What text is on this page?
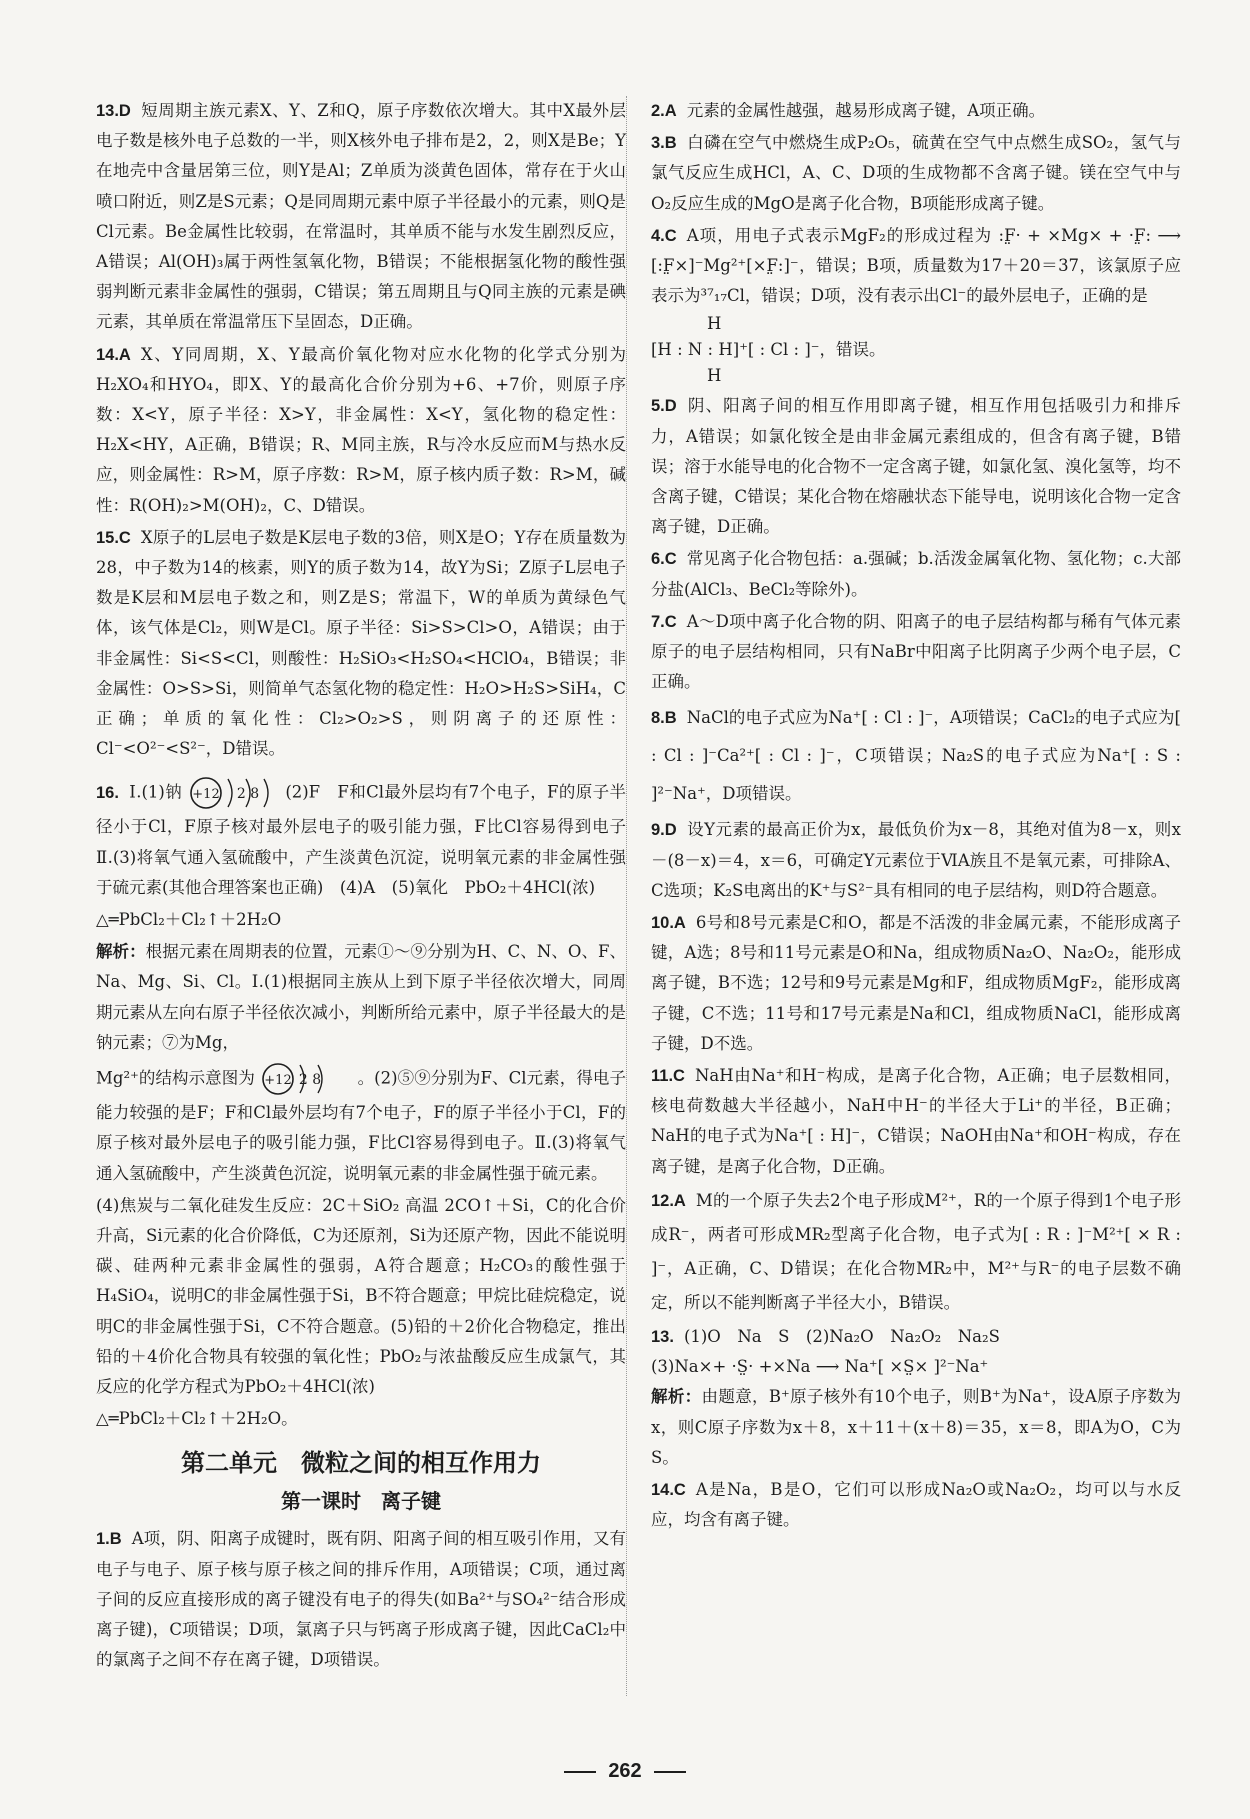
13.D 短周期主族元素X、Y、Z和Q，原子序数依次增大。其中X最外层电子数是核外电子总数的一半，则X核外电子排布是2，2，则X是Be；Y在地壳中含量居第三位，则Y是Al；Z单质为淡黄色固体，常存在于火山喷口附近，则Z是S元素；Q是同周期元素中原子半径最小的元素，则Q是Cl元素。Be金属性比较弱，在常温时，其单质不能与水发生剧烈反应，A错误；Al(OH)₃属于两性氢氧化物，B错误；不能根据氢化物的酸性强弱判断元素非金属性的强弱，C错误；第五周期且与Q同主族的元素是碘元素，其单质在常温常压下呈固态，D正确。
14.A X、Y同周期，X、Y最高价氧化物对应水化物的化学式分别为H₂XO₄和HYO₄，即X、Y的最高化合价分别为+6、+7价，则原子序数：X<Y，原子半径：X>Y，非金属性：X<Y，氢化物的稳定性：H₂X<HY，A正确，B错误；R、M同主族，R与冷水反应而M与热水反应，则金属性：R>M，原子序数：R>M，原子核内质子数：R>M，碱性：R(OH)₂>M(OH)₂，C、D错误。
15.C X原子的L层电子数是K层电子数的3倍，则X是O；Y存在质量数为28，中子数为14的核素，则Y的质子数为14，故Y为Si；Z原子L层电子数是K层和M层电子数之和，则Z是S；常温下，W的单质为黄绿色气体，该气体是Cl₂，则W是Cl。原子半径：Si>S>Cl>O，A错误；由于非金属性：Si<S<Cl，则酸性：H₂SiO₃<H₂SO₄<HClO₄，B错误；非金属性：O>S>Si，则简单气态氢化物的稳定性：H₂O>H₂S>SiH₄，C正确；单质的氧化性：Cl₂>O₂>S，则阴离子的还原性：Cl⁻<O²⁻<S²⁻，D错误。
16. Ⅰ.(1)钠 +12 2 8 (2)F　F和Cl最外层均有7个电子，F的原子半径小于Cl，F原子核对最外层电子的吸引能力强，F比Cl容易得到电子　Ⅱ.(3)将氧气通入氢硫酸中，产生淡黄色沉淀，说明氧元素的非金属性强于硫元素(其他合理答案也正确)　(4)A　(5)氧化　PbO₂＋4HCl(浓)
△═PbCl₂＋Cl₂↑＋2H₂O
解析：根据元素在周期表的位置，元素①～⑨分别为H、C、N、O、F、Na、Mg、Si、Cl。Ⅰ.(1)根据同主族从上到下原子半径依次增大，同周期元素从左向右原子半径依次减小，判断所给元素中，原子半径最大的是钠元素；⑦为Mg，
Mg²⁺的结构示意图为 +12 2 8 。(2)⑤⑨分别为F、Cl元素，得电子能力较强的是F；F和Cl最外层均有7个电子，F的原子半径小于Cl，F的原子核对最外层电子的吸引能力强，F比Cl容易得到电子。Ⅱ.(3)将氧气通入氢硫酸中，产生淡黄色沉淀，说明氧元素的非金属性强于硫元素。
(4)焦炭与二氧化硅发生反应：2C＋SiO₂ 高温 2CO↑＋Si，C的化合价升高，Si元素的化合价降低，C为还原剂，Si为还原产物，因此不能说明碳、硅两种元素非金属性的强弱，A符合题意；H₂CO₃的酸性强于H₄SiO₄，说明C的非金属性强于Si，B不符合题意；甲烷比硅烷稳定，说明C的非金属性强于Si，C不符合题意。(5)铅的＋2价化合物稳定，推出铅的＋4价化合物具有较强的氧化性；PbO₂与浓盐酸反应生成氯气，其反应的化学方程式为PbO₂＋4HCl(浓)
△═PbCl₂＋Cl₂↑＋2H₂O。
第二单元　微粒之间的相互作用力
第一课时　离子键
1.B A项，阴、阳离子成键时，既有阴、阳离子间的相互吸引作用，又有电子与电子、原子核与原子核之间的排斥作用，A项错误；C项，通过离子间的反应直接形成的离子键没有电子的得失(如Ba²⁺与SO₄²⁻结合形成离子键)，C项错误；D项，氯离子只与钙离子形成离子键，因此CaCl₂中的氯离子之间不存在离子键，D项错误。
2.A 元素的金属性越强，越易形成离子键，A项正确。
3.B 白磷在空气中燃烧生成P₂O₅，硫黄在空气中点燃生成SO₂，氢气与氯气反应生成HCl，A、C、D项的生成物都不含离子键。镁在空气中与O₂反应生成的MgO是离子化合物，B项能形成离子键。
4.C A项，用电子式表示MgF₂的形成过程为 :F̤· + ×Mg× + ·F̤: ⟶ [:F̤×]⁻Mg²⁺[×F̤:]⁻，错误；B项，质量数为17＋20＝37，该氯原子应表示为³⁷₁₇Cl，错误；D项，没有表示出Cl⁻的最外层电子，正确的是
H
[H : N : H]⁺[ : Cl : ]⁻，错误。
H
5.D 阴、阳离子间的相互作用即离子键，相互作用包括吸引力和排斥力，A错误；如氯化铵全是由非金属元素组成的，但含有离子键，B错误；溶于水能导电的化合物不一定含离子键，如氯化氢、溴化氢等，均不含离子键，C错误；某化合物在熔融状态下能导电，说明该化合物一定含离子键，D正确。
6.C 常见离子化合物包括：a.强碱；b.活泼金属氧化物、氢化物；c.大部分盐(AlCl₃、BeCl₂等除外)。
7.C A～D项中离子化合物的阴、阳离子的电子层结构都与稀有气体元素原子的电子层结构相同，只有NaBr中阳离子比阴离子少两个电子层，C正确。
8.B NaCl的电子式应为Na⁺[ : Cl : ]⁻，A项错误；CaCl₂的电子式应为[ : Cl : ]⁻Ca²⁺[ : Cl : ]⁻，C项错误；Na₂S的电子式应为Na⁺[ : S : ]²⁻Na⁺，D项错误。
9.D 设Y元素的最高正价为x，最低负价为x－8，其绝对值为8－x，则x－(8－x)＝4，x＝6，可确定Y元素位于ⅥA族且不是氧元素，可排除A、C选项；K₂S电离出的K⁺与S²⁻具有相同的电子层结构，则D符合题意。
10.A 6号和8号元素是C和O，都是不活泼的非金属元素，不能形成离子键，A选；8号和11号元素是O和Na，组成物质Na₂O、Na₂O₂，能形成离子键，B不选；12号和9号元素是Mg和F，组成物质MgF₂，能形成离子键，C不选；11号和17号元素是Na和Cl，组成物质NaCl，能形成离子键，D不选。
11.C NaH由Na⁺和H⁻构成，是离子化合物，A正确；电子层数相同，核电荷数越大半径越小，NaH中H⁻的半径大于Li⁺的半径，B正确；NaH的电子式为Na⁺[ : H]⁻，C错误；NaOH由Na⁺和OH⁻构成，存在离子键，是离子化合物，D正确。
12.A M的一个原子失去2个电子形成M²⁺，R的一个原子得到1个电子形成R⁻，两者可形成MR₂型离子化合物，电子式为[ : R : ]⁻M²⁺[ × R : ]⁻，A正确，C、D错误；在化合物MR₂中，M²⁺与R⁻的电子层数不确定，所以不能判断离子半径大小，B错误。
13. (1)O　Na　S　(2)Na₂O　Na₂O₂　Na₂S
(3)Na×+ ·S̤· +×Na ⟶ Na⁺[ ×S̤× ]²⁻Na⁺
解析：由题意，B⁺原子核外有10个电子，则B⁺为Na⁺，设A原子序数为x，则C原子序数为x＋8，x＋11＋(x＋8)＝35，x＝8，即A为O，C为S。
14.C A是Na，B是O，它们可以形成Na₂O或Na₂O₂，均可以与水反应，均含有离子键。
262
